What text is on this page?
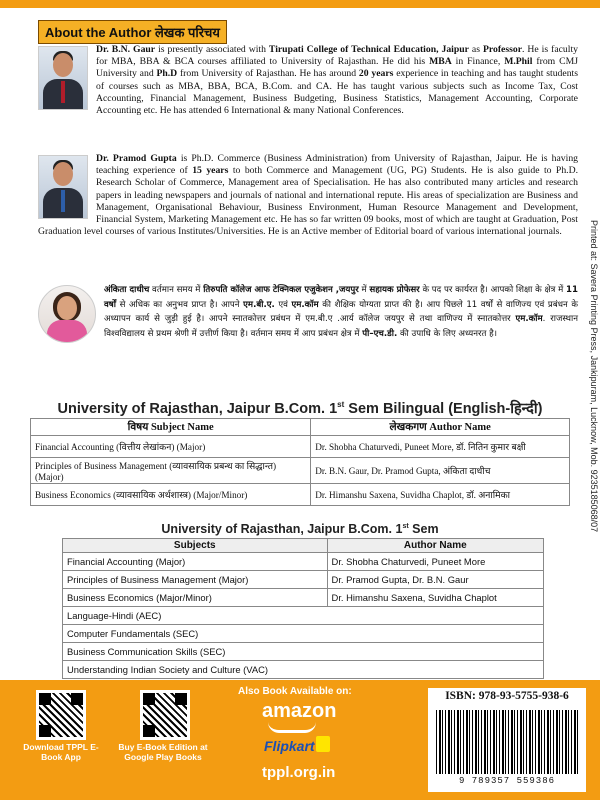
About the Author लेखक परिचय

Dr. B.N. Gaur is presently associated with Tirupati College of Technical Education, Jaipur as Professor. He is faculty for MBA, BBA & BCA courses affiliated to University of Rajasthan. He did his MBA in Finance, M.Phil from CMJ University and Ph.D from University of Rajasthan. He has around 20 years experience in teaching and has taught students of courses such as MBA, BBA, BCA, B.Com. and CA. He has taught various subjects such as Income Tax, Cost Accounting, Financial Management, Business Budgeting, Business Statistics, Management Accounting, Corporate Accounting etc. He has attended 6 International & many National Conferences.

Dr. Pramod Gupta is Ph.D. Commerce (Business Administration) from University of Rajasthan, Jaipur. He is having teaching experience of 15 years to both Commerce and Management (UG, PG) Students. He is also guide to Ph.D. Research Scholar of Commerce, Management area of Specialisation. He has also contributed many articles and research papers in leading newspapers and journals of national and international repute. His areas of specialization are Business and Management, Organisational Behaviour, Business Environment, Human Resource Management and Development, Financial System, Marketing Management etc. He has so far written 09 books, most of which are taught at Graduation, Post Graduation level courses of various Institutes/Universities. He is an Active member of Editorial board of various international journals.

अंकिता दाधीच वर्तमान समय में तिरुपति कॉलेज आफ टेक्निकल एजुकेशन ,जयपुर में सहायक प्रोफेसर के पद पर कार्यरत है। आपको शिक्षा के क्षेत्र में 11 वर्षों से अधिक का अनुभव प्राप्त है। आपने एम.बी.ए. एवं एम.कॉम की शैक्षिक योग्यता प्राप्त की है। आप पिछले 11 वर्षों से वाणिज्य एवं प्रबंधन के अध्यापन कार्य से जुड़ी हुई है। आपने स्नातकोत्तर प्रबंधन में एम.बी.ए .आर्य कॉलेज जयपुर से तथा वाणिज्य में स्नातकोत्तर एम.कॉम. राजस्थान विश्वविद्यालय से प्रथम श्रेणी में उत्तीर्ण किया है। वर्तमान समय में आप प्रबंधन क्षेत्र में पी–एच.डी. की उपाधि के लिए अध्यनरत है।

University of Rajasthan, Jaipur B.Com. 1st Sem Bilingual (English-हिन्दी)
विषय Subject Name	लेखकगण Author Name
Financial Accounting (वित्तीय लेखांकन) (Major)	Dr. Shobha Chaturvedi, Puneet More, डॉ. नितिन कुमार बक्षी
Principles of Business Management (व्यावसायिक प्रबन्ध का सिद्धान्त) (Major)	Dr. B.N. Gaur, Dr. Pramod Gupta, अंकिता दाधीच
Business Economics (व्यावसायिक अर्थशास्त्र) (Major/Minor)	Dr. Himanshu Saxena, Suvidha Chaplot, डॉ. अनामिका
University of Rajasthan, Jaipur B.Com. 1st Sem
Subjects	Author Name
Financial Accounting (Major)	Dr. Shobha Chaturvedi, Puneet More
Principles of Business Management (Major)	Dr. Pramod Gupta, Dr. B.N. Gaur
Business Economics (Major/Minor)	Dr. Himanshu Saxena, Suvidha Chaplot
Language-Hindi (AEC)	
Computer Fundamentals (SEC)	
Business Communication Skills (SEC)	
Understanding Indian Society and Culture (VAC)	
Printed at: Savera Printing Press, Jankipuram, Lucknow, Mob. 9235185068/07
Download TPPL E-Book App
Buy E-Book Edition at Google Play Books
Also Book Available on:
amazon
Flipkart
tppl.org.in
ISBN: 978-93-5755-938-6
9 789357 559386
